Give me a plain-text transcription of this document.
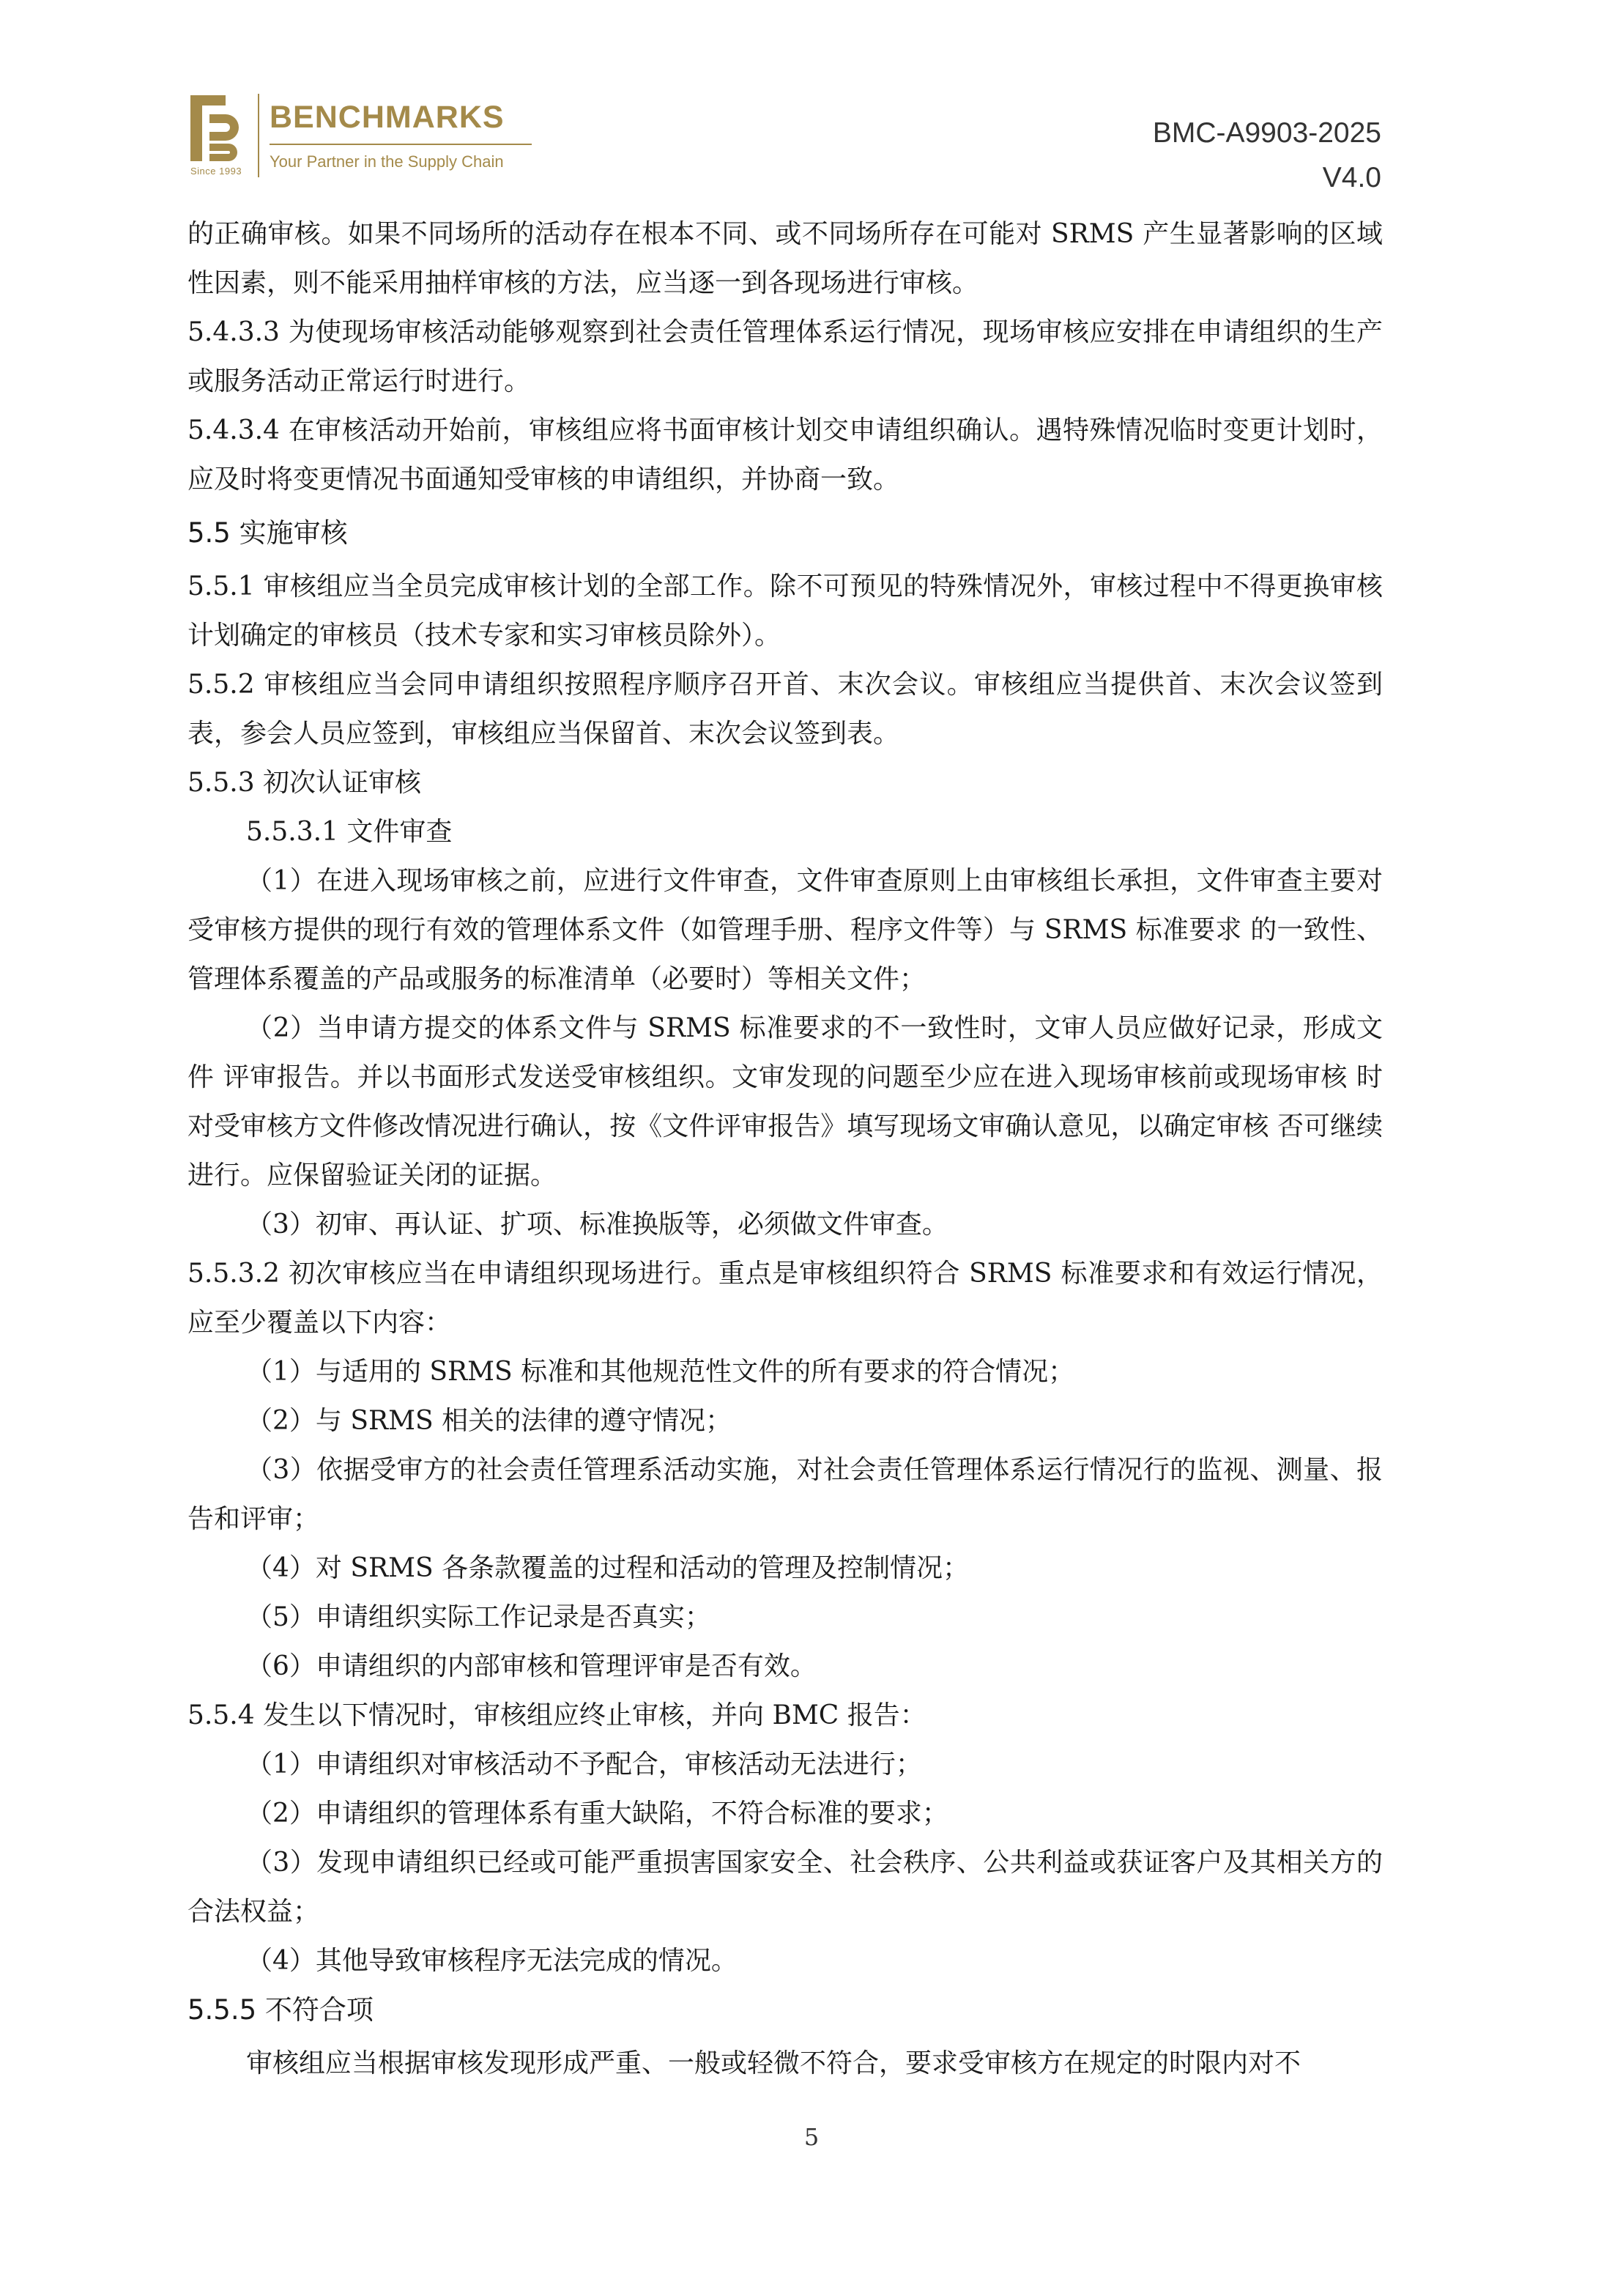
Since 1993
BENCHMARKS
Your Partner in the Supply Chain
BMC-A9903-2025
V4.0

的正确审核。如果不同场所的活动存在根本不同、或不同场所存在可能对 SRMS 产生显著影响的区域性因素，则不能采用抽样审核的方法，应当逐一到各现场进行审核。

5.4.3.3 为使现场审核活动能够观察到社会责任管理体系运行情况，现场审核应安排在申请组织的生产或服务活动正常运行时进行。

5.4.3.4 在审核活动开始前，审核组应将书面审核计划交申请组织确认。遇特殊情况临时变更计划时，应及时将变更情况书面通知受审核的申请组织，并协商一致。

5.5 实施审核

5.5.1 审核组应当全员完成审核计划的全部工作。除不可预见的特殊情况外，审核过程中不得更换审核计划确定的审核员（技术专家和实习审核员除外）。

5.5.2 审核组应当会同申请组织按照程序顺序召开首、末次会议。审核组应当提供首、末次会议签到表，参会人员应签到，审核组应当保留首、末次会议签到表。

5.5.3 初次认证审核

5.5.3.1 文件审查

（1）在进入现场审核之前，应进行文件审查，文件审查原则上由审核组长承担，文件审查主要对受审核方提供的现行有效的管理体系文件（如管理手册、程序文件等）与 SRMS 标准要求 的一致性、管理体系覆盖的产品或服务的标准清单（必要时）等相关文件；

（2）当申请方提交的体系文件与 SRMS 标准要求的不一致性时，文审人员应做好记录，形成文件 评审报告。并以书面形式发送受审核组织。文审发现的问题至少应在进入现场审核前或现场审核 时对受审核方文件修改情况进行确认，按《文件评审报告》填写现场文审确认意见，以确定审核 否可继续进行。应保留验证关闭的证据。

（3）初审、再认证、扩项、标准换版等，必须做文件审查。

5.5.3.2 初次审核应当在申请组织现场进行。重点是审核组织符合 SRMS 标准要求和有效运行情况，应至少覆盖以下内容：

（1）与适用的 SRMS 标准和其他规范性文件的所有要求的符合情况；

（2）与 SRMS 相关的法律的遵守情况；

（3）依据受审方的社会责任管理系活动实施，对社会责任管理体系运行情况行的监视、测量、报告和评审；

（4）对 SRMS 各条款覆盖的过程和活动的管理及控制情况；

（5）申请组织实际工作记录是否真实；

（6）申请组织的内部审核和管理评审是否有效。

5.5.4 发生以下情况时，审核组应终止审核，并向 BMC 报告：

（1）申请组织对审核活动不予配合，审核活动无法进行；

（2）申请组织的管理体系有重大缺陷，不符合标准的要求；

（3）发现申请组织已经或可能严重损害国家安全、社会秩序、公共利益或获证客户及其相关方的合法权益；

（4）其他导致审核程序无法完成的情况。

5.5.5 不符合项

审核组应当根据审核发现形成严重、一般或轻微不符合，要求受审核方在规定的时限内对不

5
